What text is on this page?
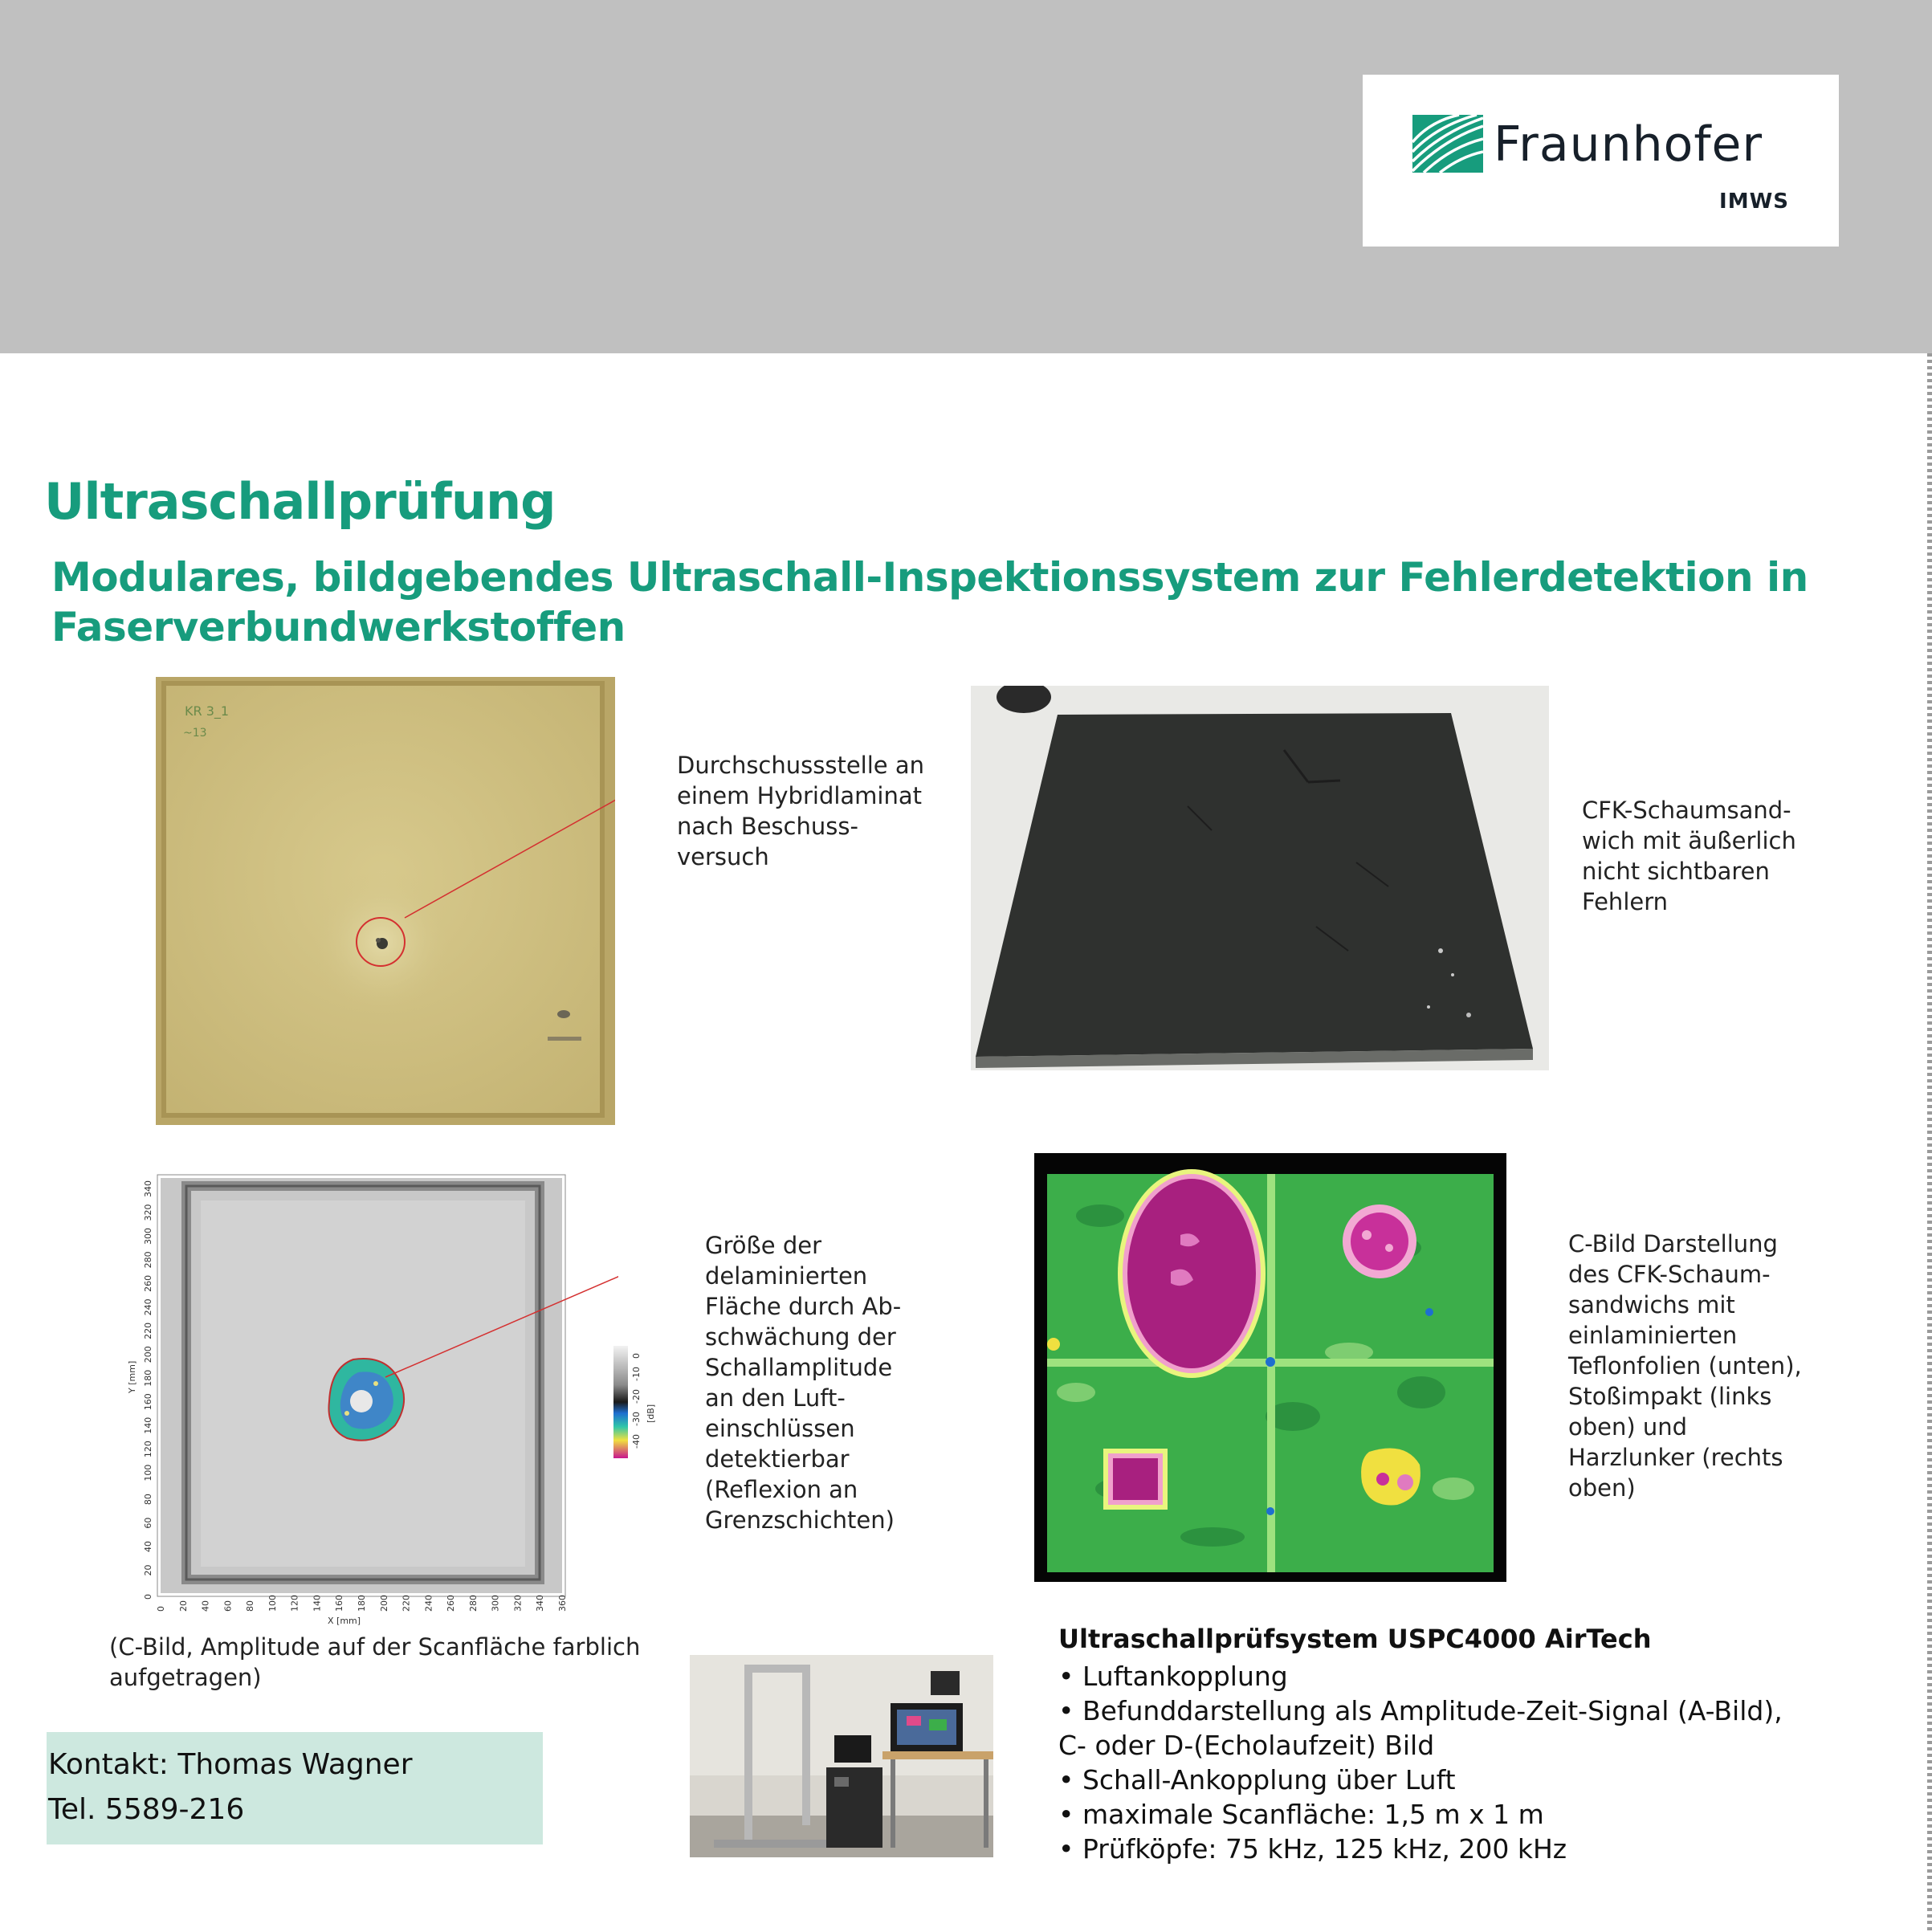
Fraunhofer
IMWS
Ultraschallprüfung
Modulares, bildgebendes Ultraschall-Inspektionssystem zur Fehlerdetektion in
Faserverbundwerkstoffen
KR 3_1
~13
Durchschussstelle an
einem Hybridlaminat
nach Beschuss-
versuch
CFK-Schaumsand-
wich mit äußerlich
nicht sichtbaren
Fehlern
0 20 40 60 80 100 120 140 160 180 200 220 240 260 280 300 320 340 360
0
20
40
60
80
100
120
140
160
180
200
220
240
260
280
300
320
340
X [mm]
Y [mm]
0
-10
-20
-30
-40
[dB]
Größe der
delaminierten
Fläche durch Ab-
schwächung der
Schallamplitude
an den Luft-
einschlüssen
detektierbar
(Reflexion an
Grenzschichten)
(C-Bild, Amplitude auf der Scanfläche farblich
aufgetragen)
C-Bild Darstellung
des CFK-Schaum-
sandwichs mit
einlaminierten
Teflonfolien (unten),
Stoßimpakt (links
oben) und
Harzlunker (rechts
oben)
Kontakt: Thomas Wagner
Tel. 5589-216
Ultraschallprüfsystem USPC4000 AirTech
• Luftankopplung
• Befunddarstellung als Amplitude-Zeit-Signal (A-Bild),
C- oder D-(Echolaufzeit) Bild
• Schall-Ankopplung über Luft
• maximale Scanfläche: 1,5 m x 1 m
• Prüfköpfe: 75 kHz, 125 kHz, 200 kHz
